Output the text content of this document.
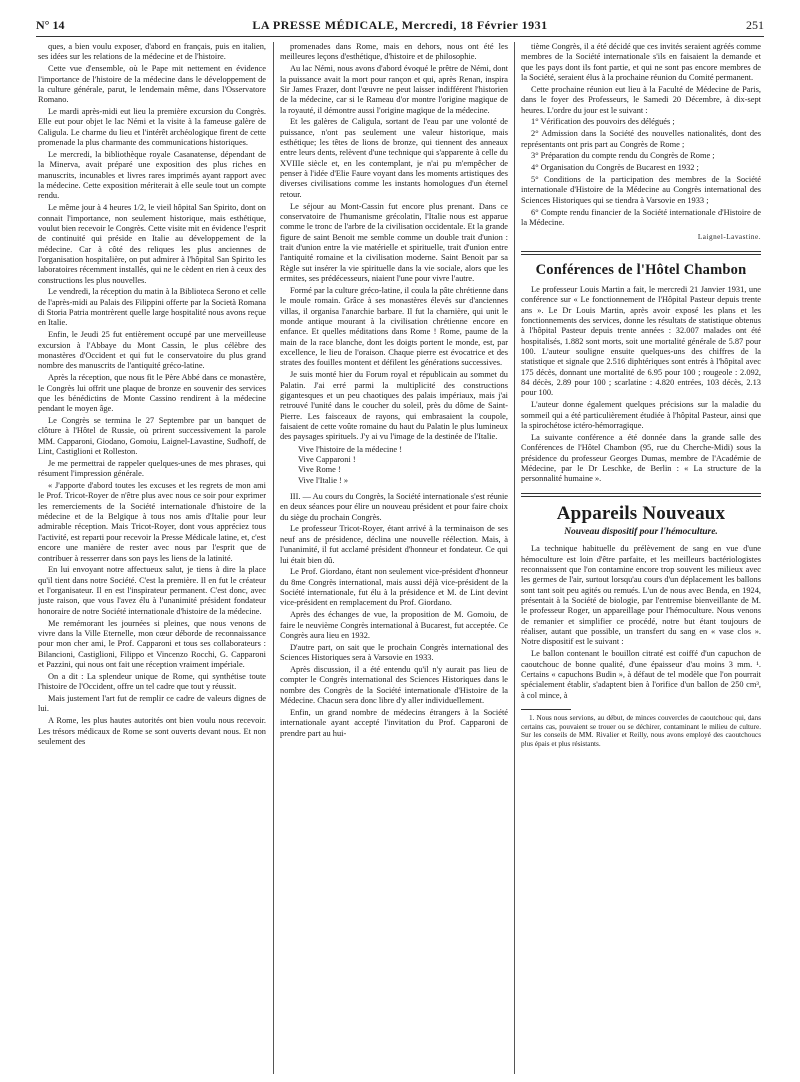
N° 14	LA PRESSE MÉDICALE, Mercredi, 18 Février 1931	251

ques, a bien voulu exposer, d'abord en français, puis en italien, ses idées sur les relations de la médecine et de l'histoire.

Cette vue d'ensemble, où le Pape mit nettement en évidence l'importance de l'histoire de la médecine dans le développement de la culture générale, parut, le lendemain même, dans l'Osservatore Romano.

Le mardi après-midi eut lieu la première excursion du Congrès. Elle eut pour objet le lac Némi et la visite à la fameuse galère de Caligula. Le charme du lieu et l'intérêt archéologique firent de cette promenade la plus charmante des communications historiques.

Le mercredi, la bibliothèque royale Casanatense, dépendant de la Minerva, avait préparé une exposition des plus riches en manuscrits, incunables et livres rares imprimés ayant rapport avec la médecine. Cette exposition mériterait à elle seule tout un compte rendu.

Le même jour à 4 heures 1/2, le vieil hôpital San Spirito, dont on connait l'importance, non seulement historique, mais esthétique, voulut bien recevoir le Congrès. Cette visite mit en évidence l'esprit de continuité qui préside en Italie au développement de la médecine. Car à côté des reliques les plus anciennes de l'organisation hospitalière, on put admirer à l'hôpital San Spirito les laboratoires récemment installés, qui ne le cèdent en rien à ceux des constructions les plus nouvelles.

Le vendredi, la réception du matin à la Biblioteca Serono et celle de l'après-midi au Palais des Filippini offerte par la Società Romana di Storia Patria montrèrent quelle large hospitalité nous avons reçue en Italie.

Enfin, le Jeudi 25 fut entièrement occupé par une merveilleuse excursion à l'Abbaye du Mont Cassin, le plus célèbre des monastères d'Occident et qui fut le conservatoire du plus grand nombre des manuscrits de l'antiquité gréco-latine.

Après la réception, que nous fit le Père Abbé dans ce monastère, le Congrès lui offrit une plaque de bronze en souvenir des services que les bénédictins de Monte Cassino rendirent à la médecine pendant le moyen âge.

Le Congrès se termina le 27 Septembre par un banquet de clôture à l'Hôtel de Russie, où prirent successivement la parole MM. Capparoni, Giodano, Gomoiu, Laignel-Lavastine, Sudhoff, de Lint, Castiglioni et Rolleston.

Je me permettrai de rappeler quelques-unes de mes phrases, qui résument l'impression générale.

« J'apporte d'abord toutes les excuses et les regrets de mon ami le Prof. Tricot-Royer de n'être plus avec nous ce soir pour exprimer les remerciements de la Société internationale d'histoire de la médecine et de la Belgique à tous nos amis d'Italie pour leur admirable réception. Mais Tricot-Royer, dont vous appréciez tous l'activité, est reparti pour recevoir la Presse Médicale latine, et, c'est encore une manière de rester avec nous par l'esprit que de contribuer à resserrer dans son pays les liens de la latinité.

En lui envoyant notre affectueux salut, je tiens à dire la place qu'il tient dans notre Société. C'est la première. Il en fut le créateur et l'organisateur. Il en est l'inspirateur permanent. C'est donc, avec juste raison, que vous l'avez élu à l'unanimité président fondateur honoraire de notre Société internationale d'histoire de la médecine.

Me remémorant les journées si pleines, que nous venons de vivre dans la Ville Eternelle, mon cœur déborde de reconnaissance pour mon cher ami, le Prof. Capparoni et tous ses collaborateurs : Bilancioni, Castiglioni, Filippo et Vincenzo Rocchi, G. Capparoni et Pazzini, qui nous ont fait une réception vraiment impériale.

On a dit : La splendeur unique de Rome, qui synthétise toute l'histoire de l'Occident, offre un tel cadre que tout y réussit.

Mais justement l'art fut de remplir ce cadre de valeurs dignes de lui.

A Rome, les plus hautes autorités ont bien voulu nous recevoir. Les trésors médicaux de Rome se sont ouverts devant nous. Et non seulement des

promenades dans Rome, mais en dehors, nous ont été les meilleures leçons d'esthétique, d'histoire et de philosophie.

Au lac Némi, nous avons d'abord évoqué le prêtre de Némi, dont la puissance avait la mort pour rançon et qui, après Renan, inspira Sir James Frazer, dont l'œuvre ne peut laisser indifférent l'historien de la médecine, car si le Rameau d'or montre l'origine magique de la royauté, il démontre aussi l'origine magique de la médecine.

Et les galères de Caligula, sortant de l'eau par une volonté de puissance, n'ont pas seulement une valeur historique, mais esthétique; les têtes de lions de bronze, qui tiennent des anneaux entre leurs dents, relèvent d'une technique qui s'apparente à celle du XVIIIe siècle et, en les contemplant, je n'ai pu m'empêcher de penser à l'idée d'Elie Faure voyant dans les moments artistiques des diverses civilisations comme les instants homologues d'un éternel retour.

Le séjour au Mont-Cassin fut encore plus prenant. Dans ce conservatoire de l'humanisme grécolatin, l'Italie nous est apparue comme le tronc de l'arbre de la civilisation occidentale. Et la grande figure de saint Benoit me semble comme un double trait d'union : trait d'union entre la vie matérielle et spirituelle, trait d'union entre l'antiquité romaine et la civilisation moderne. Saint Benoit par sa Règle sut insérer la vie spirituelle dans la vie sociale, alors que les ermites, ses prédécesseurs, niaient l'une pour vivre l'autre.

Formé par la culture gréco-latine, il coula la pâte chrétienne dans le moule romain. Grâce à ses monastères élevés sur d'anciennes villas, il organisa l'anarchie barbare. Il fut la charnière, qui unit le monde antique mourant à la civilisation chrétienne encore en enfance. Et quelles méditations dans Rome ! Rome, paume de la main de la race blanche, dont les doigts portent le monde, est, par excellence, le lieu de l'oraison. Chaque pierre est évocatrice et des strates des fouilles montent et défilent les générations successives.

Je suis monté hier du Forum royal et républicain au sommet du Palatin. J'ai erré parmi la multiplicité des constructions gigantesques et un peu chaotiques des palais impériaux, mais j'ai retrouvé l'unité dans le coucher du soleil, près du dôme de Saint-Pierre. Les faisceaux de rayons, qui embrasaient la coupole, faisaient de cette voûte romaine du haut du Palatin le plus lumineux des paysages spirituels. J'y ai vu l'image de la destinée de l'Italie.

Vive l'histoire de la médecine !

Vive Capparoni !

Vive Rome !

Vive l'Italie ! »

III. — Au cours du Congrès, la Société internationale s'est réunie en deux séances pour élire un nouveau président et pour faire choix du siège du prochain Congrès.

Le professeur Tricot-Royer, étant arrivé à la terminaison de ses neuf ans de présidence, déclina une nouvelle réélection. Mais, à l'unanimité, il fut acclamé président d'honneur et fondateur. Ce qui lui était bien dû.

Le Prof. Giordano, étant non seulement vice-président d'honneur du 8me Congrès international, mais aussi déjà vice-président de la Société internationale, fut élu à la présidence et M. de Lint devint vice-président en remplacement du Prof. Giordano.

Après des échanges de vue, la proposition de M. Gomoiu, de faire le neuvième Congrès international à Bucarest, fut acceptée. Ce Congrès aura lieu en 1932.

D'autre part, on sait que le prochain Congrès international des Sciences Historiques sera à Varsovie en 1933.

Après discussion, il a été entendu qu'il n'y aurait pas lieu de compter le Congrès international des Sciences Historiques dans le nombre des Congrès de la Société internationale d'Histoire de la Médecine. Chacun sera donc libre d'y aller individuellement.

Enfin, un grand nombre de médecins étrangers à la Société internationale ayant accepté l'invitation du Prof. Capparoni de prendre part au hui-

tième Congrès, il a été décidé que ces invités seraient agréés comme membres de la Société internationale s'ils en faisaient la demande et que les pays dont ils font partie, et qui ne sont pas encore membres de la Société, seraient élus à la prochaine réunion du Comité permanent.

Cette prochaine réunion eut lieu à la Faculté de Médecine de Paris, dans le foyer des Professeurs, le Samedi 20 Décembre, à dix-sept heures. L'ordre du jour est le suivant :

1° Vérification des pouvoirs des délégués ;

2° Admission dans la Société des nouvelles nationalités, dont des représentants ont pris part au Congrès de Rome ;

3° Préparation du compte rendu du Congrès de Rome ;

4° Organisation du Congrès de Bucarest en 1932 ;

5° Conditions de la participation des membres de la Société internationale d'Histoire de la Médecine au Congrès international des Sciences Historiques qui se tiendra à Varsovie en 1933 ;

6° Compte rendu financier de la Société internationale d'Histoire de la Médecine.

Laignel-Lavastine.

Conférences de l'Hôtel Chambon

Le professeur Louis Martin a fait, le mercredi 21 Janvier 1931, une conférence sur « Le fonctionnement de l'Hôpital Pasteur depuis trente ans ». Le Dr Louis Martin, après avoir exposé les plans et les fonctionnements des services, donne les résultats de statistique obtenus à l'hôpital Pasteur depuis trente années : 32.007 malades ont été hospitalisés, 1.882 sont morts, soit une mortalité générale de 5.87 pour 100. L'auteur souligne ensuite quelques-uns des chiffres de la statistique et signale que 2.516 diphtériques sont entrés à l'hôpital avec 175 décès, donnant une mortalité de 6.95 pour 100 ; rougeole : 2.092, 84 décès, 2.89 pour 100 ; scarlatine : 4.820 entrées, 103 décès, 2.13 pour 100.

L'auteur donne également quelques précisions sur la maladie du sommeil qui a été particulièrement étudiée à l'hôpital Pasteur, ainsi que la spirochétose ictéro-hémorragique.

La suivante conférence a été donnée dans la grande salle des Conférences de l'Hôtel Chambon (95, rue du Cherche-Midi) sous la présidence du professeur Georges Dumas, membre de l'Académie de Médecine, par le Dr Leschke, de Berlin : « La structure de la personnalité humaine ».

Appareils Nouveaux
Nouveau dispositif pour l'hémoculture.

La technique habituelle du prélèvement de sang en vue d'une hémoculture est loin d'être parfaite, et les meilleurs bactériologistes reconnaissent que l'on contamine encore trop souvent les milieux avec les germes de l'air, surtout lorsqu'au cours d'un déplacement les ballons sont tant soit peu agités ou remués. L'un de nous avec Benda, en 1924, présentait à la Société de biologie, par l'entremise bienveillante de M. le professeur Roger, un appareillage pour l'hémoculture. Nous venons de remanier et simplifier ce procédé, notre but étant toujours de réaliser, autant que possible, un transfert du sang en « vase clos ». Notre dispositif est le suivant :

Le ballon contenant le bouillon citraté est coiffé d'un capuchon de caoutchouc de bonne qualité, d'une épaisseur d'au moins 3 mm. ¹. Certains « capuchons Budin », à défaut de tel modèle que l'on pourrait spécialement établir, s'adaptent bien à l'orifice d'un ballon de 250 cm³, à col mince, à

1. Nous nous servions, au début, de minces couvercles de caoutchouc qui, dans certains cas, pouvaient se trouer ou se déchirer, contaminant le milieu de culture. Sur les conseils de MM. Rivalier et Reilly, nous avons employé des caoutchoucs plus épais et plus résistants.
